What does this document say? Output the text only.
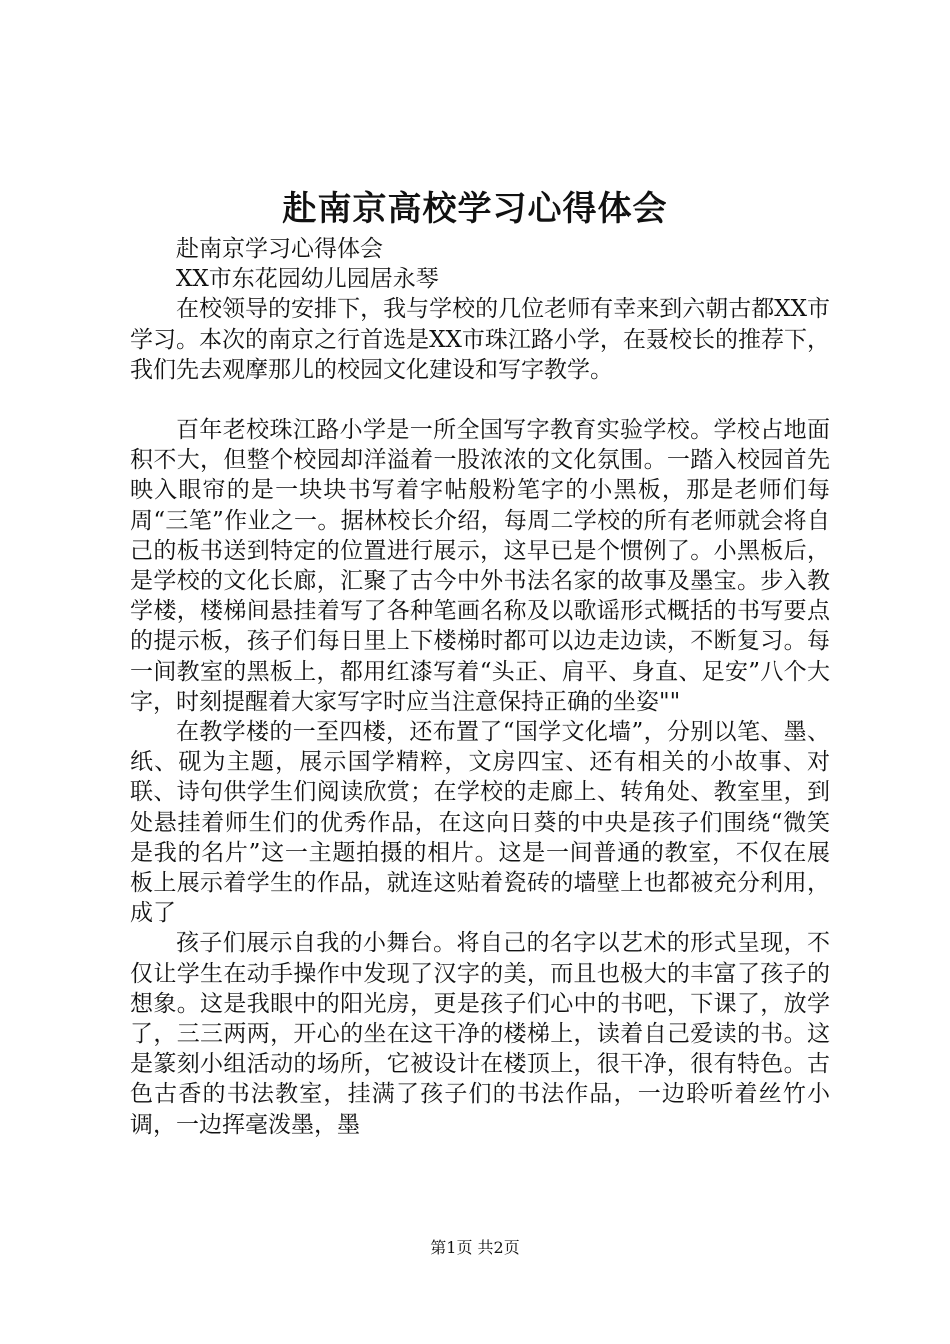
赴南京高校学习心得体会

赴南京学习心得体会

XX市东花园幼儿园居永琴

在校领导的安排下，我与学校的几位老师有幸来到六朝古都XX市学习。本次的南京之行首选是XX市珠江路小学，在聂校长的推荐下，我们先去观摩那儿的校园文化建设和写字教学。

百年老校珠江路小学是一所全国写字教育实验学校。学校占地面积不大，但整个校园却洋溢着一股浓浓的文化氛围。一踏入校园首先映入眼帘的是一块块书写着字帖般粉笔字的小黑板，那是老师们每周“三笔”作业之一。据林校长介绍，每周二学校的所有老师就会将自己的板书送到特定的位置进行展示，这早已是个惯例了。小黑板后，是学校的文化长廊，汇聚了古今中外书法名家的故事及墨宝。步入教学楼，楼梯间悬挂着写了各种笔画名称及以歌谣形式概括的书写要点的提示板，孩子们每日里上下楼梯时都可以边走边读，不断复习。每一间教室的黑板上，都用红漆写着“头正、肩平、身直、足安”八个大字，时刻提醒着大家写字时应当注意保持正确的坐姿""

在教学楼的一至四楼，还布置了“国学文化墙”，分别以笔、墨、纸、砚为主题，展示国学精粹，文房四宝、还有相关的小故事、对联、诗句供学生们阅读欣赏；在学校的走廊上、转角处、教室里，到处悬挂着师生们的优秀作品，在这向日葵的中央是孩子们围绕“微笑是我的名片”这一主题拍摄的相片。这是一间普通的教室，不仅在展板上展示着学生的作品，就连这贴着瓷砖的墙壁上也都被充分利用，成了

孩子们展示自我的小舞台。将自己的名字以艺术的形式呈现，不仅让学生在动手操作中发现了汉字的美，而且也极大的丰富了孩子的想象。这是我眼中的阳光房，更是孩子们心中的书吧，下课了，放学了，三三两两，开心的坐在这干净的楼梯上，读着自己爱读的书。这是篆刻小组活动的场所，它被设计在楼顶上，很干净，很有特色。古色古香的书法教室，挂满了孩子们的书法作品，一边聆听着丝竹小调，一边挥毫泼墨，墨

第1页 共2页
